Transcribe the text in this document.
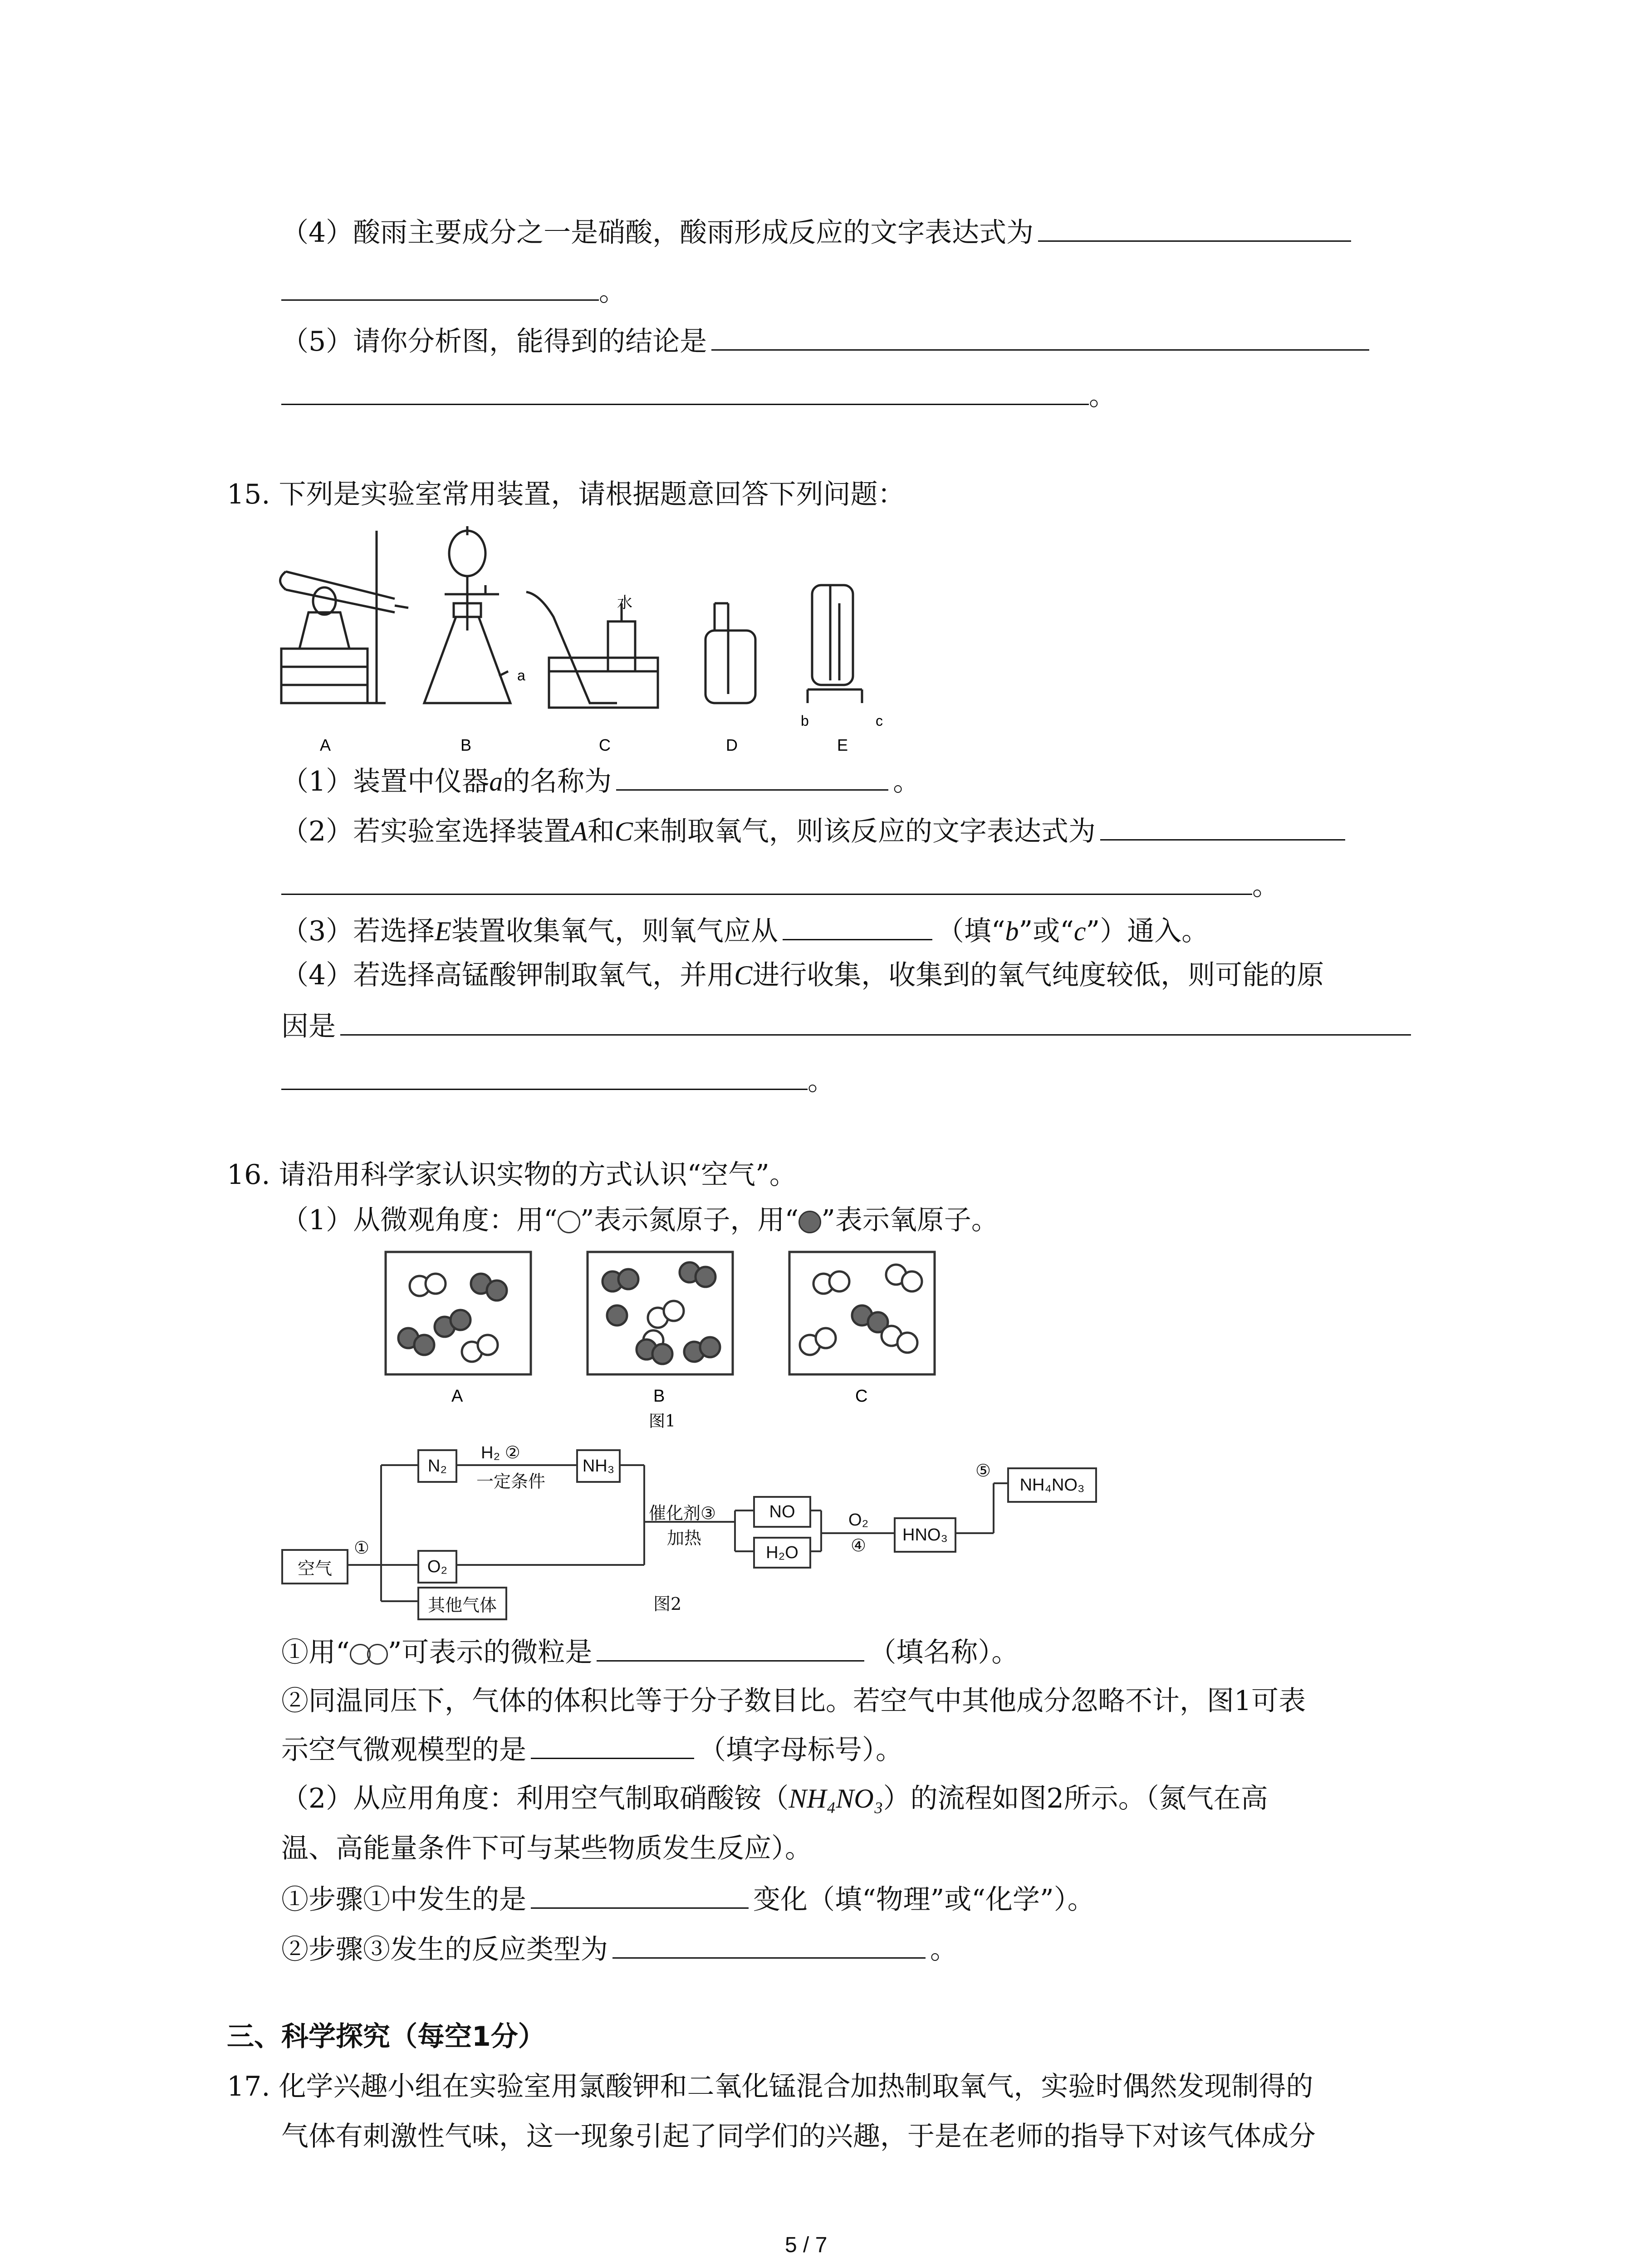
（4）酸雨主要成分之一是硝酸，酸雨形成反应的文字表达式为
。
（5）请你分析图，能得到的结论是
。
15. 下列是实验室常用装置，请根据题意回答下列问题：
a
水
b	c
A	B	C	D	E
（1）装置中仪器a的名称为	。
（2）若实验室选择装置A和C来制取氧气，则该反应的文字表达式为
。
（3）若选择E装置收集氧气，则氧气应从	（填“b”或“c”）通入。
（4）若选择高锰酸钾制取氧气，并用C进行收集，收集到的氧气纯度较低，则可能的原
因是
。
16. 请沿用科学家认识实物的方式认识“空气”。
（1）从微观角度：用“ ”表示氮原子，用“ ”表示氧原子。
A	B	C
图1
空气
N₂
O₂
其他气体
NH₃
NO
H₂O
HNO₃
NH₄NO₃
①
H₂ ②
一定条件
催化剂③
加热
O₂
④
⑤
图2
①用“ ”可表示的微粒是	（填名称）。
②同温同压下，气体的体积比等于分子数目比。若空气中其他成分忽略不计，图1可表
示空气微观模型的是	（填字母标号）。
（2）从应用角度：利用空气制取硝酸铵（NH₄NO₃）的流程如图2所示。（氮气在高
温、高能量条件下可与某些物质发生反应）。
①步骤①中发生的是	变化（填“物理”或“化学”）。
②步骤③发生的反应类型为	。
三、科学探究（每空1分）
17. 化学兴趣小组在实验室用氯酸钾和二氧化锰混合加热制取氧气，实验时偶然发现制得的
气体有刺激性气味，这一现象引起了同学们的兴趣，于是在老师的指导下对该气体成分
5 / 7
